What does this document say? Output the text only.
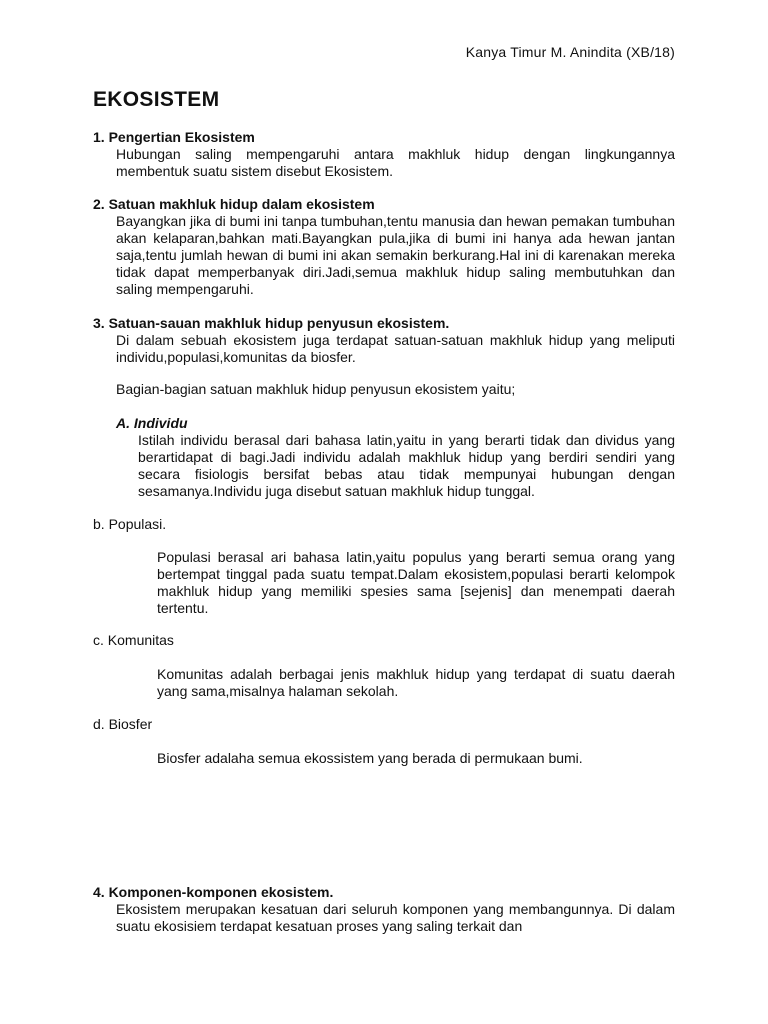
Kanya Timur M. Anindita (XB/18)
EKOSISTEM

1. Pengertian Ekosistem

Hubungan saling mempengaruhi antara makhluk hidup dengan lingkungannya membentuk suatu sistem disebut Ekosistem.

2. Satuan makhluk hidup dalam ekosistem

Bayangkan jika di bumi ini tanpa tumbuhan,tentu manusia dan hewan pemakan tumbuhan akan kelaparan,bahkan mati.Bayangkan pula,jika di bumi ini hanya ada hewan jantan saja,tentu jumlah hewan di bumi ini akan semakin berkurang.Hal ini di karenakan mereka tidak dapat memperbanyak diri.Jadi,semua makhluk hidup saling membutuhkan dan saling mempengaruhi.

3. Satuan-sauan makhluk hidup penyusun ekosistem.

Di dalam sebuah ekosistem juga terdapat satuan-satuan makhluk hidup yang meliputi individu,populasi,komunitas da biosfer.

Bagian-bagian satuan makhluk hidup penyusun ekosistem yaitu;

A. Individu

Istilah individu berasal dari bahasa latin,yaitu in yang berarti tidak dan dividus yang berartidapat di bagi.Jadi individu adalah makhluk hidup yang berdiri sendiri yang secara fisiologis bersifat bebas atau tidak mempunyai hubungan dengan sesamanya.Individu juga disebut satuan makhluk hidup tunggal.

b. Populasi.

Populasi berasal ari bahasa latin,yaitu populus yang berarti semua orang yang bertempat tinggal pada suatu tempat.Dalam ekosistem,populasi berarti kelompok makhluk hidup yang memiliki spesies sama [sejenis] dan menempati daerah tertentu.

c. Komunitas

Komunitas adalah berbagai jenis makhluk hidup yang terdapat di suatu daerah yang sama,misalnya halaman sekolah.

d. Biosfer

Biosfer adalaha semua ekossistem yang berada di permukaan bumi.

4. Komponen-komponen ekosistem.

Ekosistem merupakan kesatuan dari seluruh komponen yang membangunnya. Di dalam suatu ekosisiem terdapat kesatuan proses yang saling terkait dan
